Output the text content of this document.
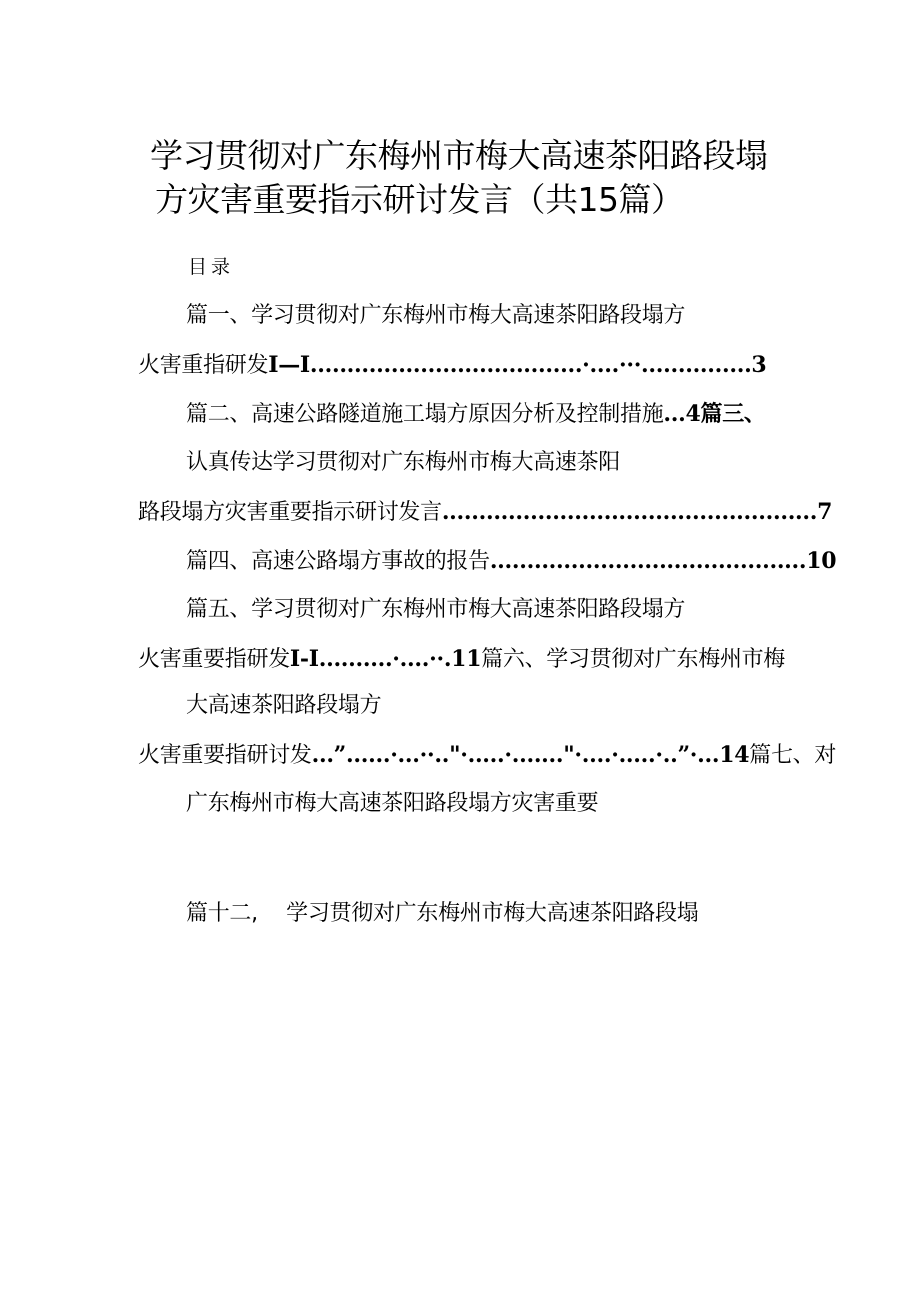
学习贯彻对广东梅州市梅大高速茶阳路段塌
方灾害重要指示研讨发言（共15篇）
目录
篇一、学习贯彻对广东梅州市梅大高速茶阳路段塌方
火害重指研发I—I.....................................·....···...............3
篇二、高速公路隧道施工塌方原因分析及控制措施...4篇三、
认真传达学习贯彻对广东梅州市梅大高速茶阳
路段塌方灾害重要指示研讨发言...................................................7
篇四、高速公路塌方事故的报告...........................................10
篇五、学习贯彻对广东梅州市梅大高速茶阳路段塌方
火害重要指研发I-I..........·....··.11篇六、学习贯彻对广东梅州市梅
大高速茶阳路段塌方
火害重要指研讨发...”......·...··.."·.....·......."·....·.....·..”·...14篇七、对
广东梅州市梅大高速茶阳路段塌方灾害重要
篇十二,　 学习贯彻对广东梅州市梅大高速茶阳路段塌
